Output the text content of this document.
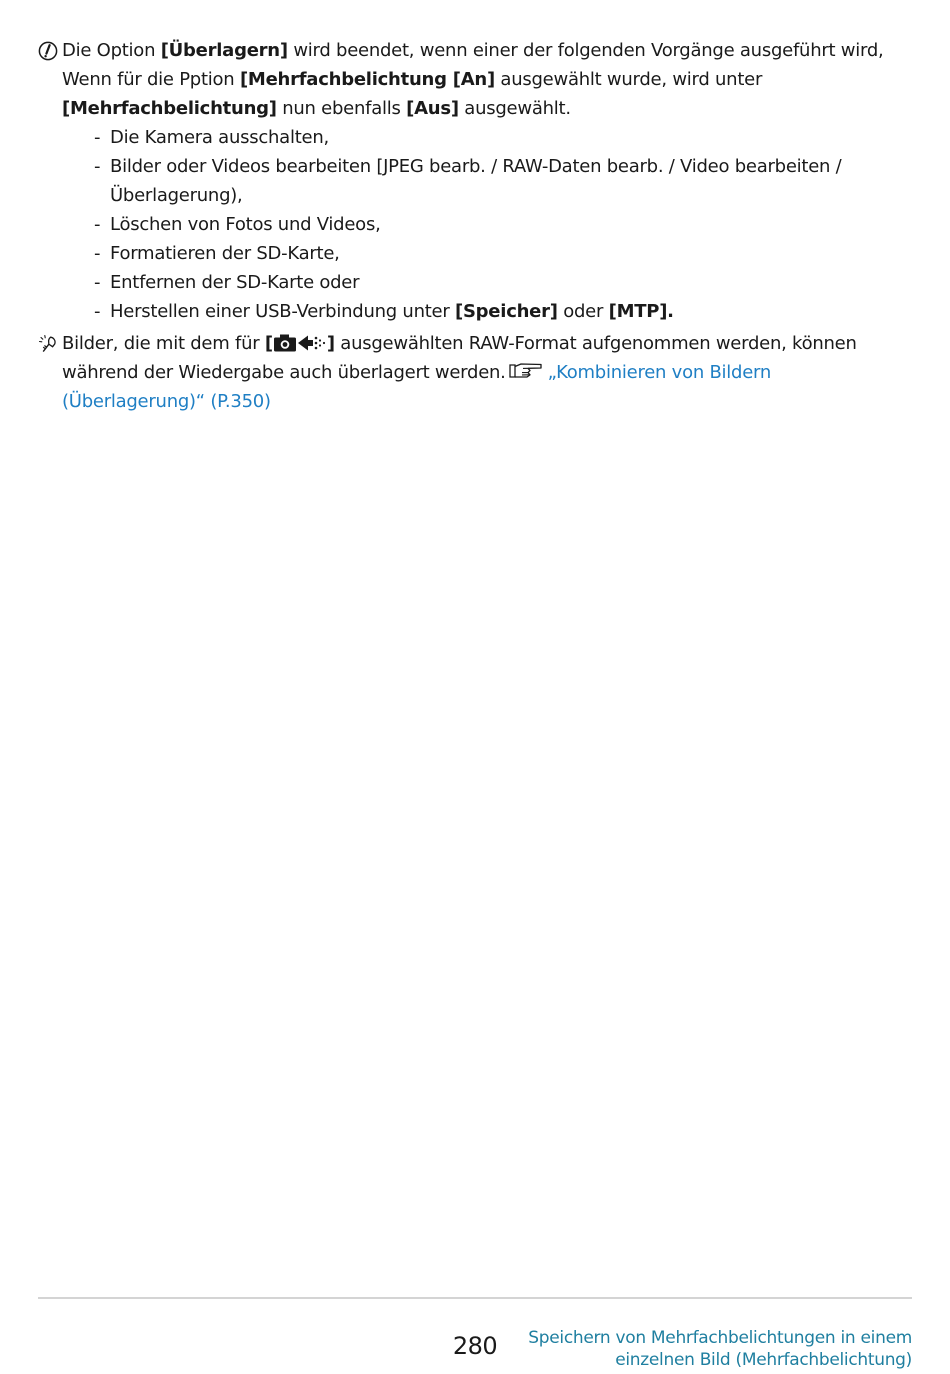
Die Option [Überlagern] wird beendet, wenn einer der folgenden Vorgänge ausgeführt wird, Wenn für die Pption [Mehrfachbelichtung [An] ausgewählt wurde, wird unter [Mehrfachbelichtung] nun ebenfalls [Aus] ausgewählt.
- Die Kamera ausschalten,
- Bilder oder Videos bearbeiten [JPEG bearb. / RAW-Daten bearb. / Video bearbeiten / Überlagerung),
- Löschen von Fotos und Videos,
- Formatieren der SD-Karte,
- Entfernen der SD-Karte oder
- Herstellen einer USB-Verbindung unter [Speicher] oder [MTP].
Bilder, die mit dem für [	] ausgewählten RAW-Format aufgenommen werden, können während der Wiedergabe auch überlagert werden. „Kombinieren von Bildern (Überlagerung)“ (P.350)
280	Speichern von Mehrfachbelichtungen in einem
einzelnen Bild (Mehrfachbelichtung)
